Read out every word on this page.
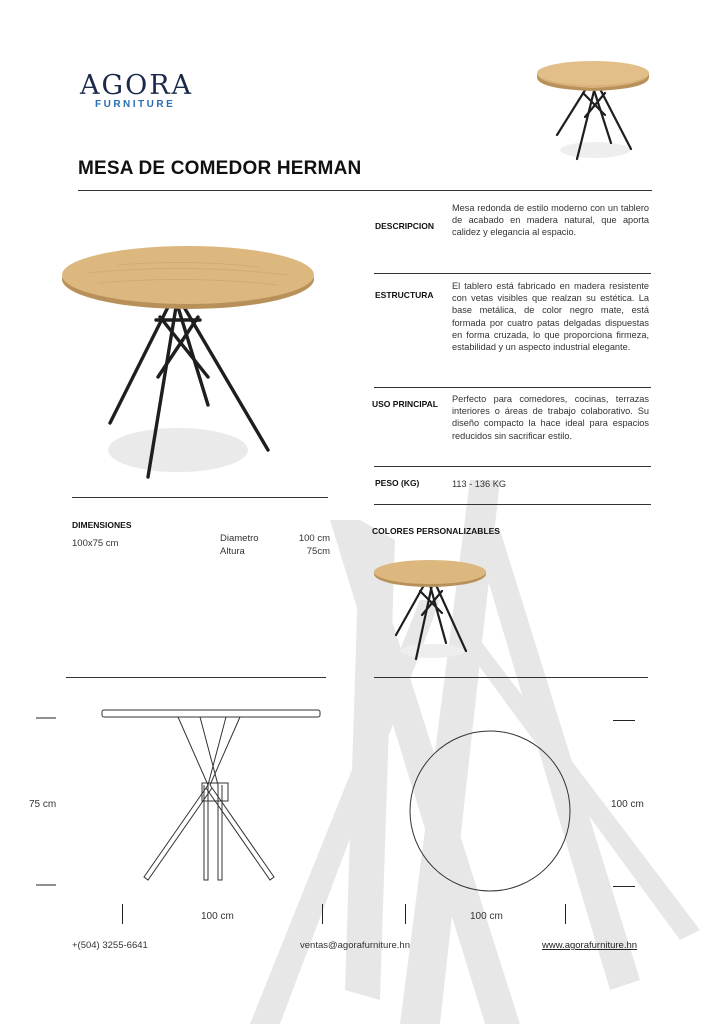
AGORA
FURNITURE
MESA DE COMEDOR HERMAN
DESCRIPCION
Mesa redonda de estilo moderno con un tablero de acabado en madera natural, que aporta calidez y elegancia al espacio.
ESTRUCTURA
El tablero está fabricado en madera resistente con vetas visibles que realzan su estética. La base metálica, de color negro mate, está formada por cuatro patas delgadas dispuestas en forma cruzada, lo que proporciona firmeza, estabilidad y un aspecto industrial elegante.
USO PRINCIPAL Perfecto para comedores, cocinas, terrazas interiores o áreas de trabajo colaborativo. Su diseño compacto la hace ideal para espacios reducidos sin sacrificar estilo.
PESO (KG)	113 - 136 KG
DIMENSIONES
100x75 cm	Diametro	100 cm
Altura	75cm
COLORES PERSONALIZABLES
75 cm
100 cm
100 cm
100 cm
+(504) 3255-6641	ventas@agorafurniture.hn	www.agorafurniture.hn
